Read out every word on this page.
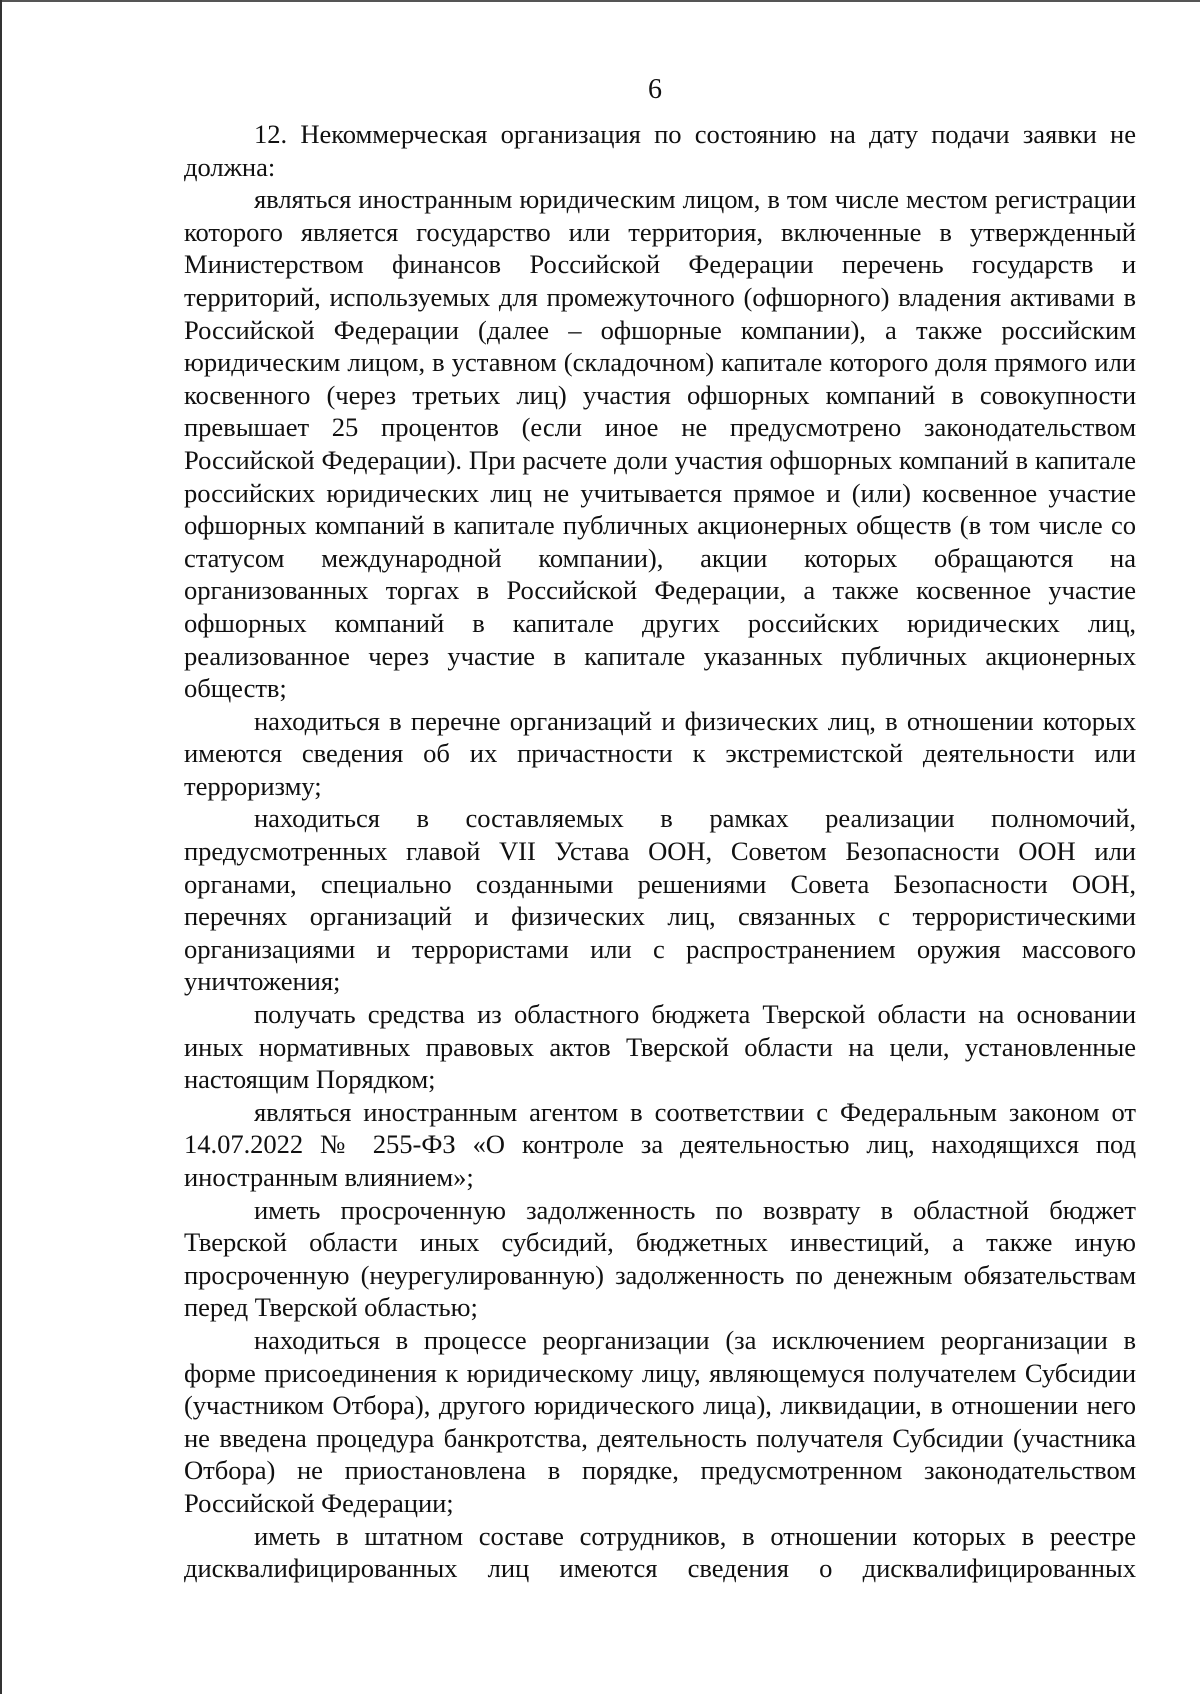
6

12. Некоммерческая организация по состоянию на дату подачи заявки не должна:

являться иностранным юридическим лицом, в том числе местом регистрации которого является государство или территория, включенные в утвержденный Министерством финансов Российской Федерации перечень государств и территорий, используемых для промежуточного (офшорного) владения активами в Российской Федерации (далее – офшорные компании), а также российским юридическим лицом, в уставном (складочном) капитале которого доля прямого или косвенного (через третьих лиц) участия офшорных компаний в совокупности превышает 25 процентов (если иное не предусмотрено законодательством Российской Федерации). При расчете доли участия офшорных компаний в капитале российских юридических лиц не учитывается прямое и (или) косвенное участие офшорных компаний в капитале публичных акционерных обществ (в том числе со статусом международной компании), акции которых обращаются на организованных торгах в Российской Федерации, а также косвенное участие офшорных компаний в капитале других российских юридических лиц, реализованное через участие в капитале указанных публичных акционерных обществ;

находиться в перечне организаций и физических лиц, в отношении которых имеются сведения об их причастности к экстремистской деятельности или терроризму;

находиться в составляемых в рамках реализации полномочий, предусмотренных главой VII Устава ООН, Советом Безопасности ООН или органами, специально созданными решениями Совета Безопасности ООН, перечнях организаций и физических лиц, связанных с террористическими организациями и террористами или с распространением оружия массового уничтожения;

получать средства из областного бюджета Тверской области на основании иных нормативных правовых актов Тверской области на цели, установленные настоящим Порядком;

являться иностранным агентом в соответствии с Федеральным законом от 14.07.2022 № 255-ФЗ «О контроле за деятельностью лиц, находящихся под иностранным влиянием»;

иметь просроченную задолженность по возврату в областной бюджет Тверской области иных субсидий, бюджетных инвестиций, а также иную просроченную (неурегулированную) задолженность по денежным обязательствам перед Тверской областью;

находиться в процессе реорганизации (за исключением реорганизации в форме присоединения к юридическому лицу, являющемуся получателем Субсидии (участником Отбора), другого юридического лица), ликвидации, в отношении него не введена процедура банкротства, деятельность получателя Субсидии (участника Отбора) не приостановлена в порядке, предусмотренном законодательством Российской Федерации;

иметь в штатном составе сотрудников, в отношении которых в реестре дисквалифицированных лиц имеются сведения о дисквалифицированных
